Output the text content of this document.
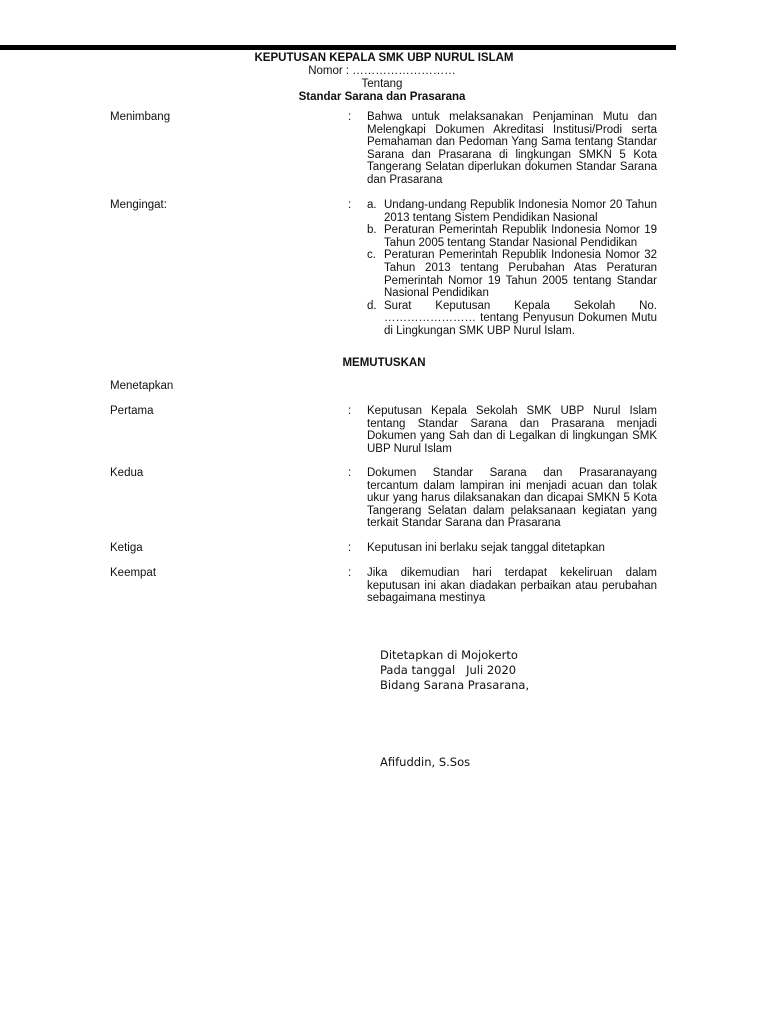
KEPUTUSAN KEPALA SMK UBP NURUL ISLAM
Nomor : ………………………
Tentang
Standar Sarana dan Prasarana
Menimbang	: Bahwa untuk melaksanakan Penjaminan Mutu dan Melengkapi Dokumen Akreditasi Institusi/Prodi serta Pemahaman dan Pedoman Yang Sama tentang Standar Sarana dan Prasarana di lingkungan SMKN 5 Kota Tangerang Selatan diperlukan dokumen Standar Sarana dan Prasarana
Mengingat:	: a. Undang-undang Republik Indonesia Nomor 20 Tahun 2013 tentang Sistem Pendidikan Nasional
b. Peraturan Pemerintah Republik Indonesia Nomor 19 Tahun 2005 tentang Standar Nasional Pendidikan
c. Peraturan Pemerintah Republik Indonesia Nomor 32 Tahun 2013 tentang Perubahan Atas Peraturan Pemerintah Nomor 19 Tahun 2005 tentang Standar Nasional Pendidikan
d. Surat Keputusan Kepala Sekolah No. …………………… tentang Penyusun Dokumen Mutu di Lingkungan SMK UBP Nurul Islam.
MEMUTUSKAN
Menetapkan
Pertama	: Keputusan Kepala Sekolah SMK UBP Nurul Islam tentang Standar Sarana dan Prasarana menjadi Dokumen yang Sah dan di Legalkan di lingkungan SMK UBP Nurul Islam
Kedua	: Dokumen Standar Sarana dan Prasaranayang tercantum dalam lampiran ini menjadi acuan dan tolak ukur yang harus dilaksanakan dan dicapai SMKN 5 Kota Tangerang Selatan dalam pelaksanaan kegiatan yang terkait Standar Sarana dan Prasarana
Ketiga	: Keputusan ini berlaku sejak tanggal ditetapkan
Keempat	: Jika dikemudian hari terdapat kekeliruan dalam keputusan ini akan diadakan perbaikan atau perubahan sebagaimana mestinya
Ditetapkan di Mojokerto
Pada tanggal   Juli 2020
Bidang Sarana Prasarana,
Afifuddin, S.Sos
